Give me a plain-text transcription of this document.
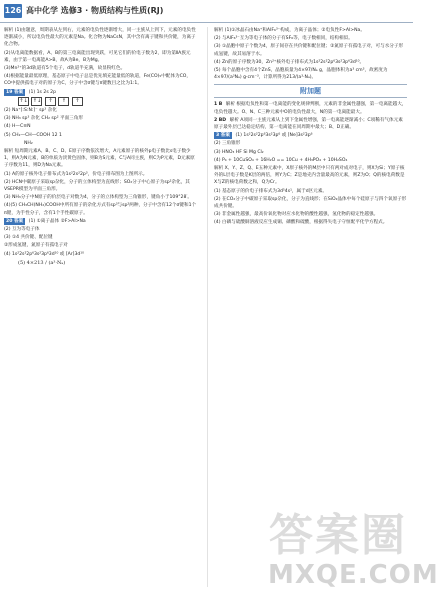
126 高中化学 选修3 · 物质结构与性质(RJ)

解析 (1)由题意，周期表从左到右，元素的电负性逐渐增大，同一主族从上到下，元素的电负性逐渐减小，所以电负性最大的元素是Na。化合物为NaCsN，其中含有离子键和共价键，为离子化合物。

(2)从电离能数据看，A、B的第三电离能出现突跃，可见它们的价电子数为2，即为第ⅡA族元素，由于第一电离能A>B，故A为Be，B为Mg。

(3)Mn²⁺的3d轨道有5个电子，d轨道半充满，故显粉红色。

(4)根据能量最低原理，基态原子中电子总是优先填充能量低的轨道，Fe(CO)₅中配体为CO，CO中提供孤电子对的原子为C，分子中含σ键与π键数目之比为1:1。

19 答案 (1) 1s 2s 2p

↑↓ ↑↓ ↑ ↑ ↑

(2) Na⁺[:S:N:]⁻ sp³ 杂化

(3) NH₃ sp³ 杂化 CH₂ sp² 平面三角形

(4) H—C≡N

(5) CH₂—CH—COOH 12 1

NH₂

解析 短周期元素A、B、C、D、E原子序数依次增大，A元素原子的核外p电子数比s电子数少1，则A为N元素，B的单质为淡黄色固体，则B为S元素，C与A同主族，则C为P元素，D元素原子序数为11，则D为Na元素。

(1) A的原子核外电子排布式为1s²2s²2p³，价电子排布图为上图所示。

(2) HCN中碳原子采取sp杂化，分子的立体构型为直线形；SO₂分子中心原子为sp²杂化，其VSEPR模型为平面三角形。

(3) NH₃分子中N原子的价层电子对数为4，分子的立体构型为三角锥形，键角小于109°28′。

(4)(5) CH₃CH(NH₂)COOH中所有原子的杂化方式有sp³与sp²两种，分子中含有12个σ键和1个π键，为手性分子，含有1个手性碳原子。

20 答案 (1) ①离子晶体 ②F>Al>Na

(2) 互为等电子体

(3) ①4 共价键、配位键

②形成氢键，氮原子有孤电子对

(4) 1s²2s²2p⁶3s²3p⁶3d¹⁰ 或 [Ar]3d¹⁰

(5) 4×213 / (a³·Nₐ)

解析 (1)①冰晶石由Na⁺和AlF₆³⁻构成，为离子晶体；②电负性F>Al>Na。

(2) 与AlF₆³⁻互为等电子体的分子有SF₆等，电子数相同，结构相似。

(3) ①晶胞中原子个数为4，原子间存在共价键和配位键；②氮原子有孤电子对，可与水分子形成氢键，故其易溶于水。

(4) Zn的原子序数为30，Zn²⁺核外电子排布式为1s²2s²2p⁶3s²3p⁶3d¹⁰。

(5) 每个晶胞中含有4个ZnS，晶胞质量为4×97/Nₐ g，晶胞体积为a³ cm³，故密度为4×97/(a³Nₐ) g·cm⁻³，计算所得为213/(a³·Nₐ)。

附加题

1 B 解析 根据电负性和第一电离能的变化规律判断，元素的非金属性越强，第一电离能越大，电负性越大。O、N、C三种元素中O的电负性最大，N的第一电离能最大。

2 BD 解析 A项同一主族元素从上到下金属性增强，第一电离能逐渐减小；C项稀有气体元素原子最外层已达稳定结构，第一电离能在同周期中最大；B、D正确。

3 答案 (1) 1s²2s²2p⁶3s²3p⁶ 或 [Ne]3s²3p⁶

(2) 三角锥形

(3) HNO₃ HF Si Mg Cl₂

(4) P₄ + 10CuSO₄ + 16H₂O == 10Cu + 4H₃PO₄ + 10H₂SO₄

解析 X、Y、Z、Q、E五种元素中，X原子核外的M层中只有两对成对电子，则X为Si；Y原子核外的L层电子数是K层的两倍，则Y为C；Z是地壳内含量最高的元素，则Z为O；Q的核电荷数是X与Z的核电荷数之和，Q为Cr。

(1) 基态原子的价电子排布式为3d⁵4s¹，属于d区元素。

(2) 在CO₂分子中碳原子采取sp杂化，分子为直线形；在SiO₂晶体中每个硅原子与四个氧原子形成共价键。

(3) 非金属性越强，最高价氧化物对应水化物的酸性越强，氢化物的稳定性越强。

(4) 白磷与硫酸铜溶液反应生成铜、磷酸和硫酸，根据得失电子守恒配平化学方程式。

答案圈
MXQE.COM
